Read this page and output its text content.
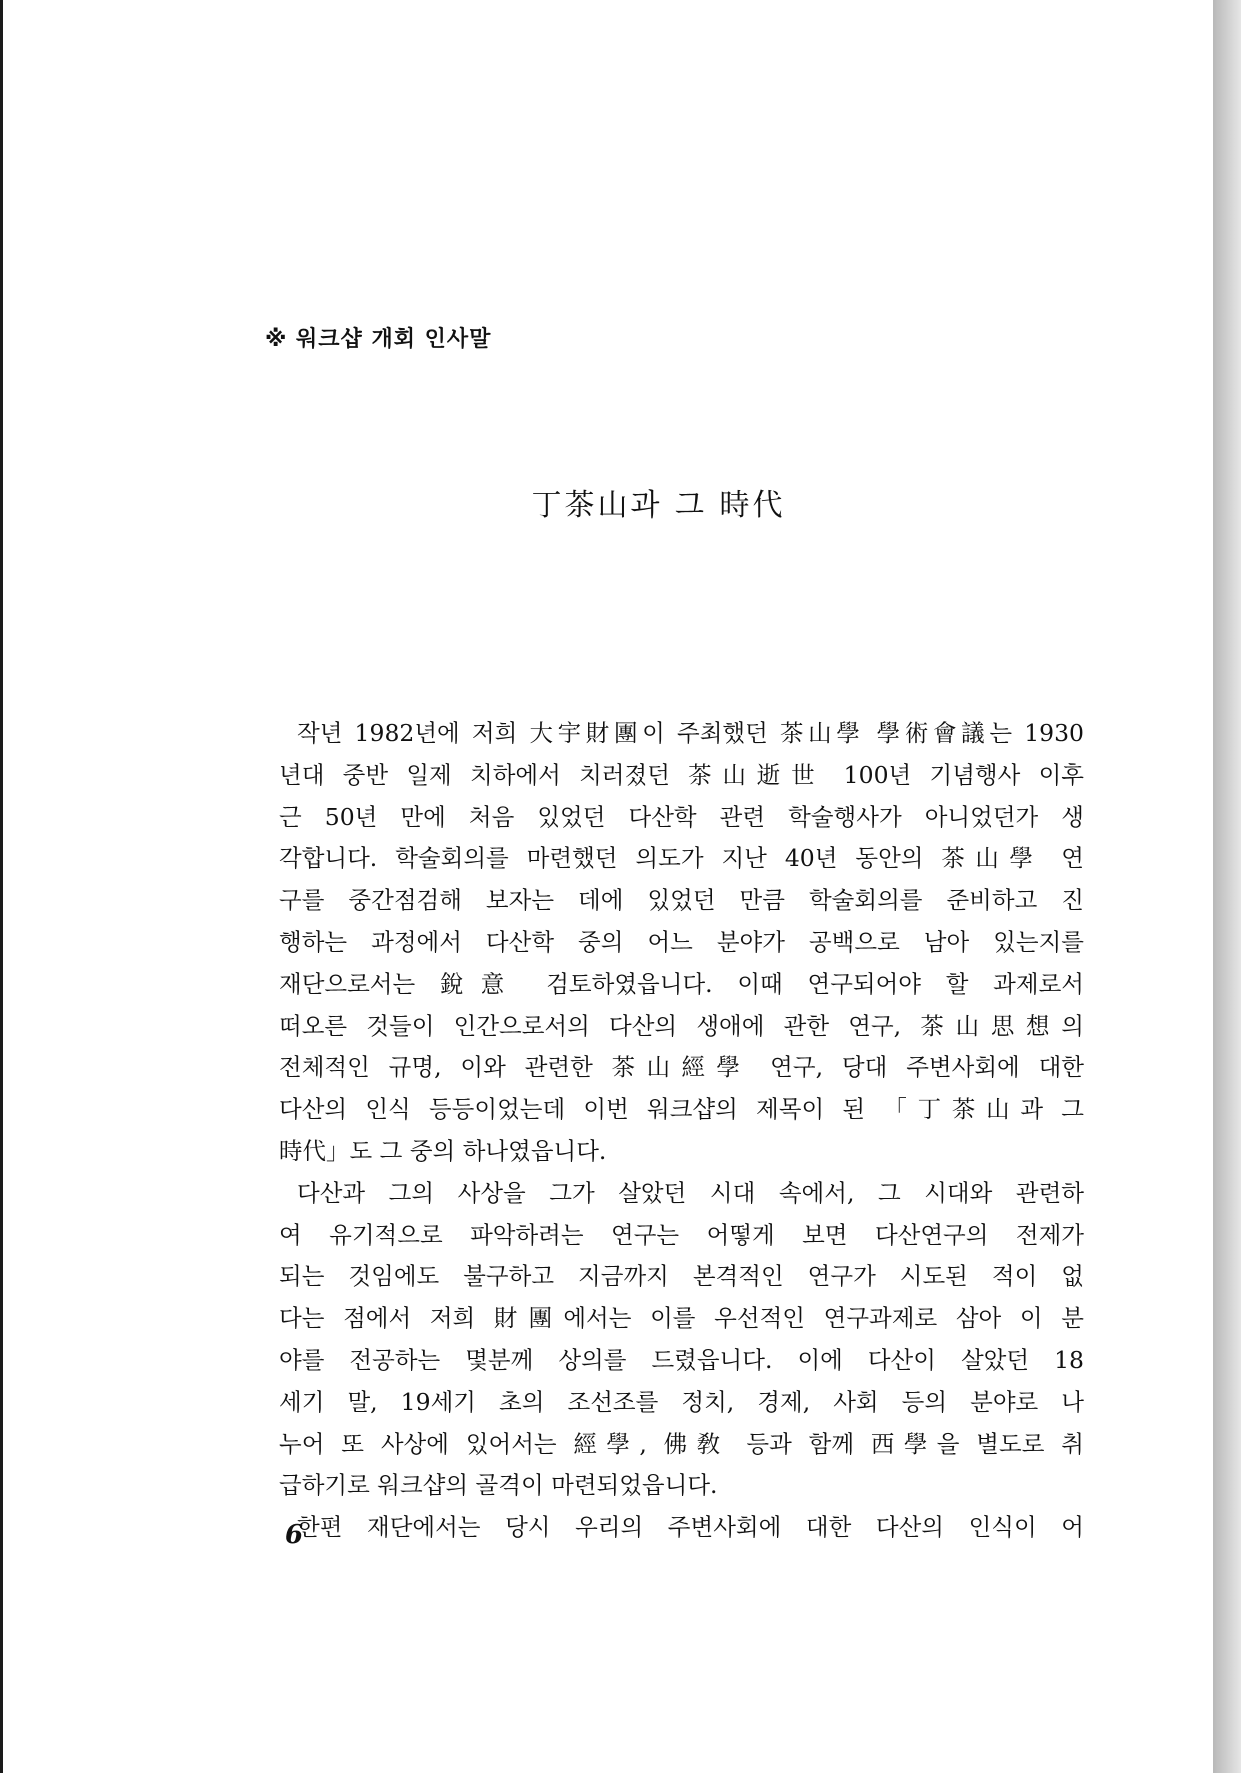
※ 워크샵 개회 인사말
丁茶山과 그 時代
작년 1982년에 저희 大宇財團이 주최했던 茶山學 學術會議는 1930
년대 중반 일제 치하에서 치러졌던 茶山逝世 100년 기념행사 이후
근 50년 만에 처음 있었던 다산학 관련 학술행사가 아니었던가 생
각합니다. 학술회의를 마련했던 의도가 지난 40년 동안의 茶山學 연
구를 중간점검해 보자는 데에 있었던 만큼 학술회의를 준비하고 진
행하는 과정에서 다산학 중의 어느 분야가 공백으로 남아 있는지를
재단으로서는 銳意 검토하였읍니다. 이때 연구되어야 할 과제로서
떠오른 것들이 인간으로서의 다산의 생애에 관한 연구, 茶山思想의
전체적인 규명, 이와 관련한 茶山經學 연구, 당대 주변사회에 대한
다산의 인식 등등이었는데 이번 워크샵의 제목이 된 「丁茶山과 그
時代」도 그 중의 하나였읍니다.
다산과 그의 사상을 그가 살았던 시대 속에서, 그 시대와 관련하
여 유기적으로 파악하려는 연구는 어떻게 보면 다산연구의 전제가
되는 것임에도 불구하고 지금까지 본격적인 연구가 시도된 적이 없
다는 점에서 저희 財團에서는 이를 우선적인 연구과제로 삼아 이 분
야를 전공하는 몇분께 상의를 드렸읍니다. 이에 다산이 살았던 18
세기 말, 19세기 초의 조선조를 정치, 경제, 사회 등의 분야로 나
누어 또 사상에 있어서는 經學, 佛敎 등과 함께 西學을 별도로 취
급하기로 워크샵의 골격이 마련되었읍니다.
한편 재단에서는 당시 우리의 주변사회에 대한 다산의 인식이 어
6
